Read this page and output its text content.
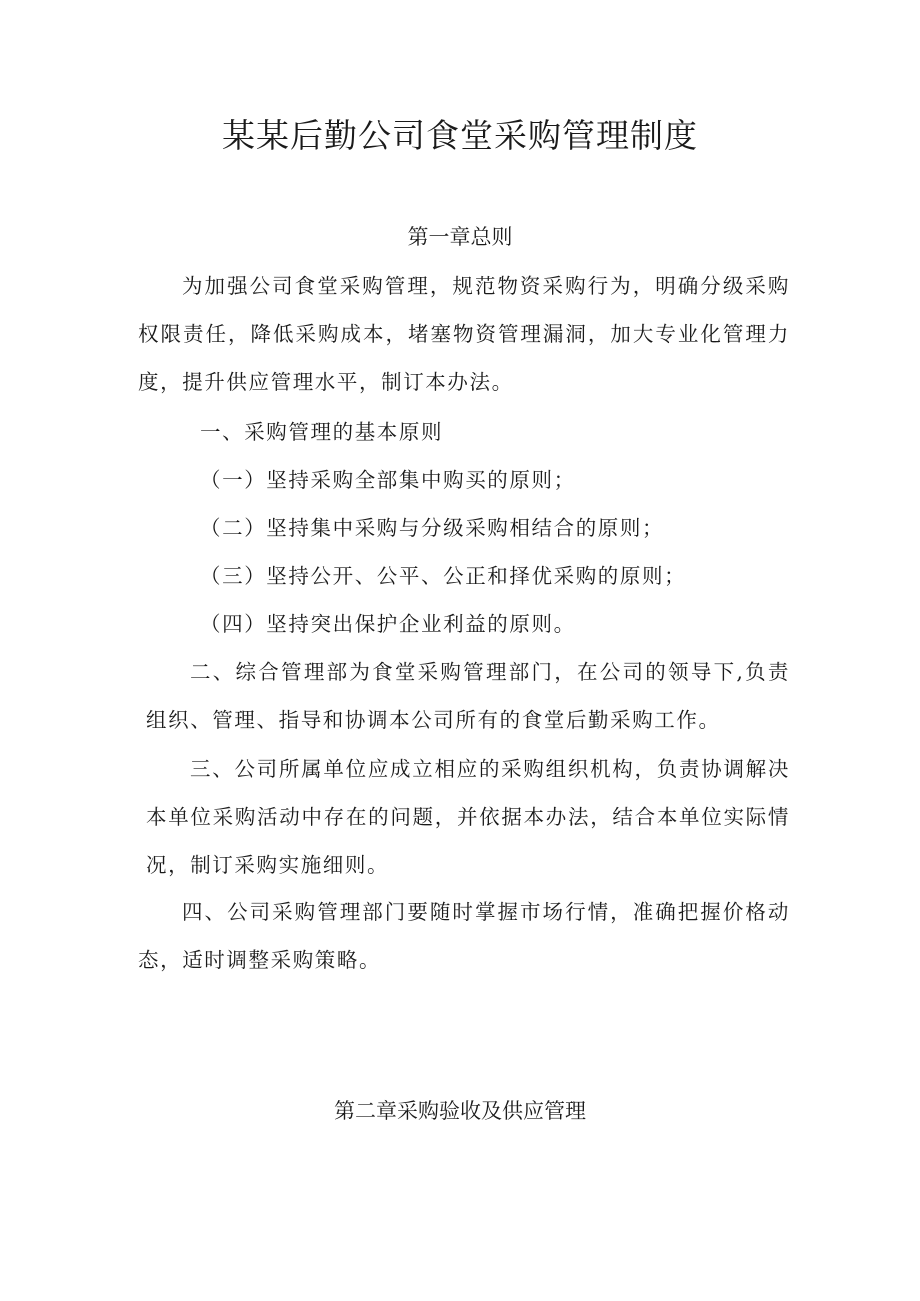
某某后勤公司食堂采购管理制度
第一章总则

为加强公司食堂采购管理，规范物资采购行为，明确分级采购权限责任，降低采购成本，堵塞物资管理漏洞，加大专业化管理力度，提升供应管理水平，制订本办法。

一、采购管理的基本原则
（一）坚持采购全部集中购买的原则；
（二）坚持集中采购与分级采购相结合的原则；
（三）坚持公开、公平、公正和择优采购的原则；
（四）坚持突出保护企业利益的原则。

二、综合管理部为食堂采购管理部门，在公司的领导下,负责组织、管理、指导和协调本公司所有的食堂后勤采购工作。

三、公司所属单位应成立相应的采购组织机构，负责协调解决本单位采购活动中存在的问题，并依据本办法，结合本单位实际情况，制订采购实施细则。

四、公司采购管理部门要随时掌握市场行情，准确把握价格动态，适时调整采购策略。

第二章采购验收及供应管理
